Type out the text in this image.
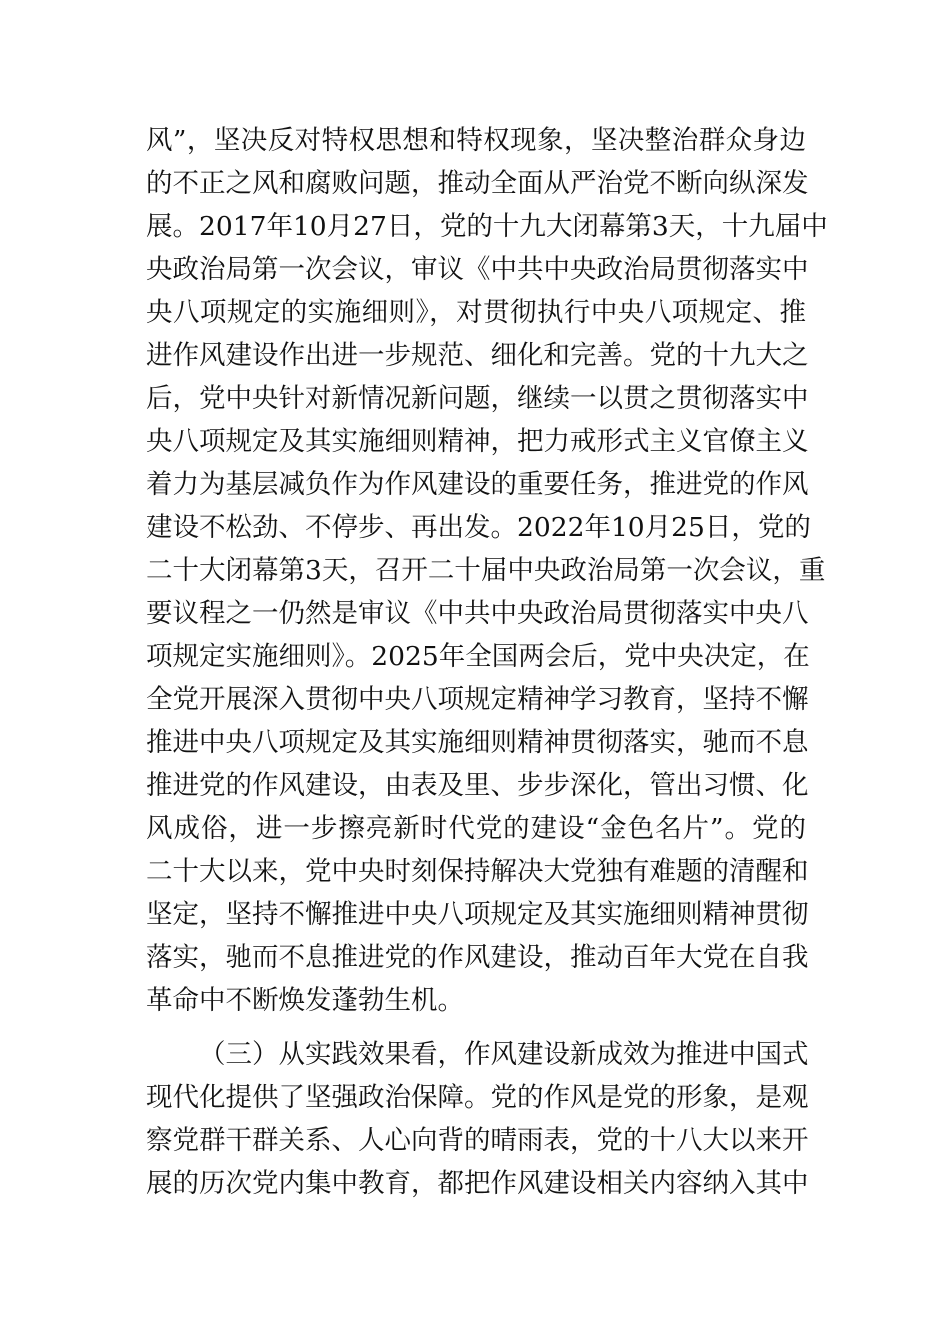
风”，坚决反对特权思想和特权现象，坚决整治群众身边
的不正之风和腐败问题，推动全面从严治党不断向纵深发
展。2017年10月27日，党的十九大闭幕第3天，十九届中
央政治局第一次会议，审议《中共中央政治局贯彻落实中
央八项规定的实施细则》，对贯彻执行中央八项规定、推
进作风建设作出进一步规范、细化和完善。党的十九大之
后，党中央针对新情况新问题，继续一以贯之贯彻落实中
央八项规定及其实施细则精神，把力戒形式主义官僚主义
着力为基层减负作为作风建设的重要任务，推进党的作风
建设不松劲、不停步、再出发。2022年10月25日，党的
二十大闭幕第3天，召开二十届中央政治局第一次会议，重
要议程之一仍然是审议《中共中央政治局贯彻落实中央八
项规定实施细则》。2025年全国两会后，党中央决定，在
全党开展深入贯彻中央八项规定精神学习教育，坚持不懈
推进中央八项规定及其实施细则精神贯彻落实，驰而不息
推进党的作风建设，由表及里、步步深化，管出习惯、化
风成俗，进一步擦亮新时代党的建设“金色名片”。党的
二十大以来，党中央时刻保持解决大党独有难题的清醒和
坚定，坚持不懈推进中央八项规定及其实施细则精神贯彻
落实，驰而不息推进党的作风建设，推动百年大党在自我
革命中不断焕发蓬勃生机。
（三）从实践效果看，作风建设新成效为推进中国式
现代化提供了坚强政治保障。党的作风是党的形象，是观
察党群干群关系、人心向背的晴雨表，党的十八大以来开
展的历次党内集中教育，都把作风建设相关内容纳入其中
